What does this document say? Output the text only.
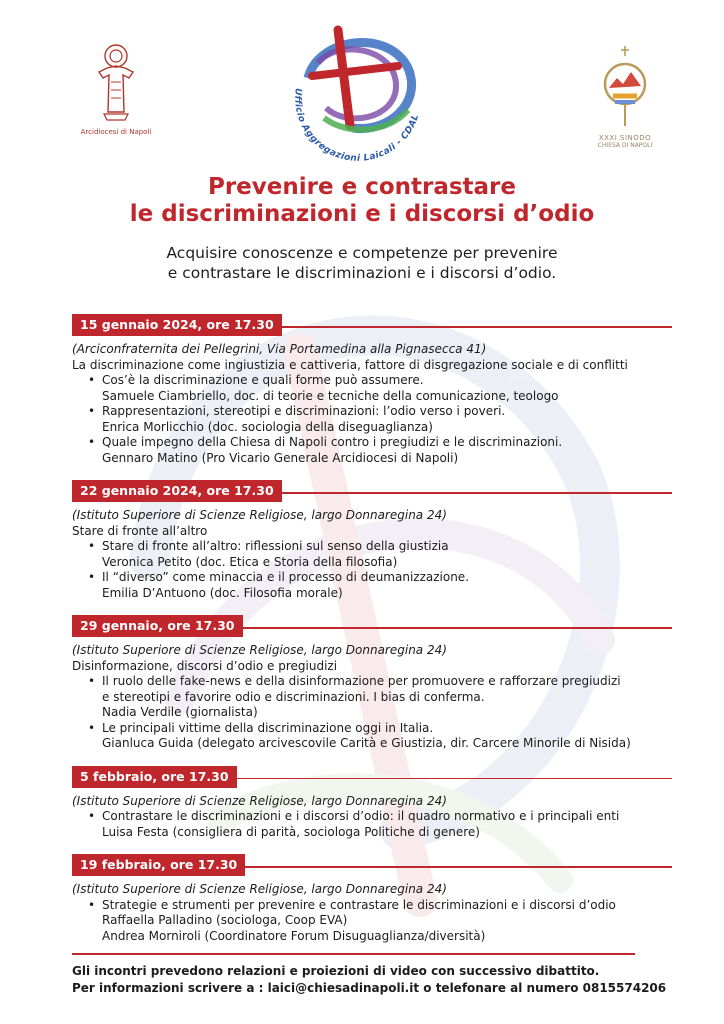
Arcidiocesi di Napoli
Ufficio Aggregazioni Laicali - CDAL
XXXI SINODO
CHIESA DI NAPOLI
Prevenire e contrastare
le discriminazioni e i discorsi d’odio
Acquisire conoscenze e competenze per prevenire
e contrastare le discriminazioni e i discorsi d’odio.
15 gennaio 2024, ore 17.30
(Arciconfraternita dei Pellegrini, Via Portamedina alla Pignasecca 41)
La discriminazione come ingiustizia e cattiveria, fattore di disgregazione sociale e di conflitti
• Cos’è la discriminazione e quali forme può assumere.
Samuele Ciambriello, doc. di teorie e tecniche della comunicazione, teologo
• Rappresentazioni, stereotipi e discriminazioni: l’odio verso i poveri.
Enrica Morlicchio (doc. sociologia della diseguaglianza)
• Quale impegno della Chiesa di Napoli contro i pregiudizi e le discriminazioni.
Gennaro Matino (Pro Vicario Generale Arcidiocesi di Napoli)
22 gennaio 2024, ore 17.30
(Istituto Superiore di Scienze Religiose, largo Donnaregina 24)
Stare di fronte all’altro
• Stare di fronte all’altro: riflessioni sul senso della giustizia
Veronica Petito (doc. Etica e Storia della filosofia)
• Il “diverso” come minaccia e il processo di deumanizzazione.
Emilia D’Antuono (doc. Filosofia morale)
29 gennaio, ore 17.30
(Istituto Superiore di Scienze Religiose, largo Donnaregina 24)
Disinformazione, discorsi d’odio e pregiudizi
• Il ruolo delle fake-news e della disinformazione per promuovere e rafforzare pregiudizi
e stereotipi e favorire odio e discriminazioni. I bias di conferma.
Nadia Verdile (giornalista)
• Le principali vittime della discriminazione oggi in Italia.
Gianluca Guida (delegato arcivescovile Carità e Giustizia, dir. Carcere Minorile di Nisida)
5 febbraio, ore 17.30
(Istituto Superiore di Scienze Religiose, largo Donnaregina 24)
• Contrastare le discriminazioni e i discorsi d’odio: il quadro normativo e i principali enti
Luisa Festa (consigliera di parità, sociologa Politiche di genere)
19 febbraio, ore 17.30
(Istituto Superiore di Scienze Religiose, largo Donnaregina 24)
• Strategie e strumenti per prevenire e contrastare le discriminazioni e i discorsi d’odio
Raffaella Palladino (sociologa, Coop EVA)
Andrea Morniroli (Coordinatore Forum Disuguaglianza/diversità)
Gli incontri prevedono relazioni e proiezioni di video con successivo dibattito.
Per informazioni scrivere a : laici@chiesadinapoli.it o telefonare al numero 0815574206
